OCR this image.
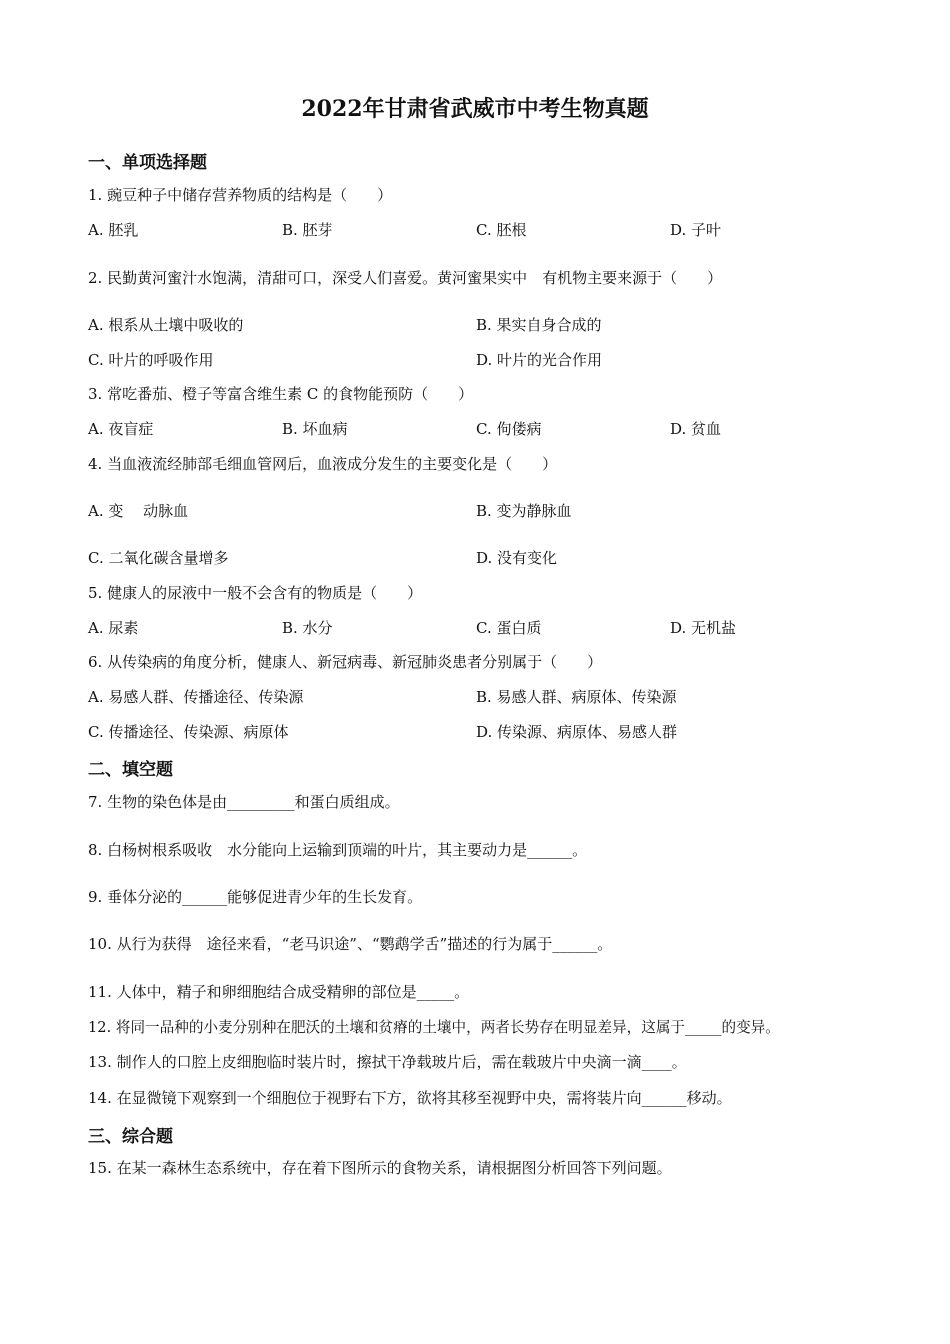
2022年甘肃省武威市中考生物真题
一、单项选择题
1. 豌豆种子中储存营养物质的结构是（　　）
A. 胚乳	B. 胚芽	C. 胚根	D. 子叶
2. 民勤黄河蜜汁水饱满，清甜可口，深受人们喜爱。黄河蜜果实中　有机物主要来源于（　　）
A. 根系从土壤中吸收的	B. 果实自身合成的
C. 叶片的呼吸作用	D. 叶片的光合作用
3. 常吃番茄、橙子等富含维生素 C 的食物能预防（　　）
A. 夜盲症	B. 坏血病	C. 佝偻病	D. 贫血
4. 当血液流经肺部毛细血管网后，血液成分发生的主要变化是（　　）
A. 变　 动脉血	B. 变为静脉血
C. 二氧化碳含量增多	D. 没有变化
5. 健康人的尿液中一般不会含有的物质是（　　）
A. 尿素	B. 水分	C. 蛋白质	D. 无机盐
6. 从传染病的角度分析，健康人、新冠病毒、新冠肺炎患者分别属于（　　）
A. 易感人群、传播途径、传染源	B. 易感人群、病原体、传染源
C. 传播途径、传染源、病原体	D. 传染源、病原体、易感人群
二、填空题
7. 生物的染色体是由_________和蛋白质组成。
8. 白杨树根系吸收　水分能向上运输到顶端的叶片，其主要动力是______。
9. 垂体分泌的______能够促进青少年的生长发育。
10. 从行为获得　途径来看，“老马识途”、“鹦鹉学舌”描述的行为属于______。
11. 人体中，精子和卵细胞结合成受精卵的部位是_____。
12. 将同一品种的小麦分别种在肥沃的土壤和贫瘠的土壤中，两者长势存在明显差异，这属于_____的变异。
13. 制作人的口腔上皮细胞临时装片时，擦拭干净载玻片后，需在载玻片中央滴一滴____。
14. 在显微镜下观察到一个细胞位于视野右下方，欲将其移至视野中央，需将装片向______移动。
三、综合题
15. 在某一森林生态系统中，存在着下图所示的食物关系，请根据图分析回答下列问题。
